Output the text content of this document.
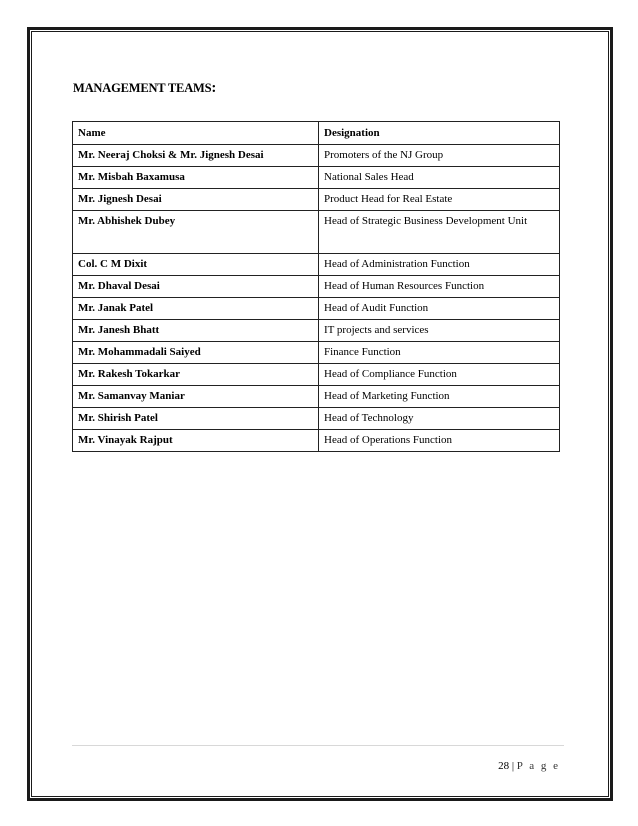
MANAGEMENT TEAMS:
Name	Designation
Mr. Neeraj Choksi & Mr. Jignesh Desai	Promoters of the NJ Group
Mr. Misbah Baxamusa	National Sales Head
Mr. Jignesh Desai	Product Head for Real Estate
Mr. Abhishek Dubey	Head of Strategic Business Development Unit
Col. C M Dixit	Head of Administration Function
Mr. Dhaval Desai	Head of Human Resources Function
Mr. Janak Patel	Head of Audit Function
Mr. Janesh Bhatt	IT projects and services
Mr. Mohammadali Saiyed	Finance Function
Mr. Rakesh Tokarkar	Head of Compliance Function
Mr. Samanvay Maniar	Head of Marketing Function
Mr. Shirish Patel	Head of Technology
Mr. Vinayak Rajput	Head of Operations Function
28 | P a g e
